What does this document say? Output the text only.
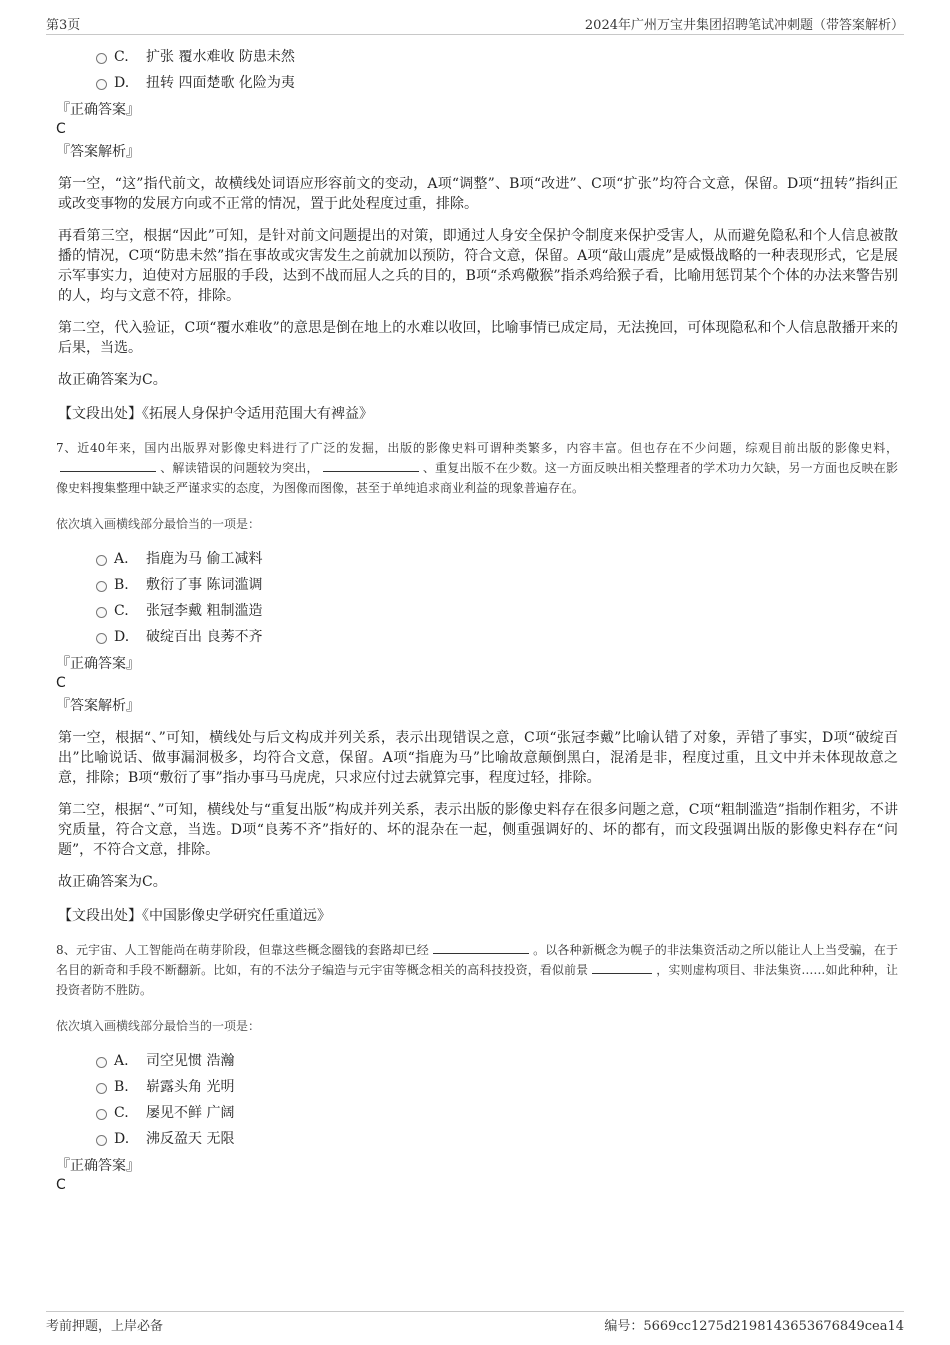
第3页	2024年广州万宝井集团招聘笔试冲刺题（带答案解析）
C. 扩张 覆水难收 防患未然
D. 扭转 四面楚歌 化险为夷
『正确答案』
C
『答案解析』
第一空，“这”指代前文，故横线处词语应形容前文的变动，A项“调整”、B项“改进”、C项“扩张”均符合文意，保留。D项“扭转”指纠正或改变事物的发展方向或不正常的情况，置于此处程度过重，排除。
再看第三空，根据“因此”可知，是针对前文问题提出的对策，即通过人身安全保护令制度来保护受害人，从而避免隐私和个人信息被散播的情况，C项“防患未然”指在事故或灾害发生之前就加以预防，符合文意，保留。A项“敲山震虎”是威慑战略的一种表现形式，它是展示军事实力，迫使对方屈服的手段，达到不战而屈人之兵的目的，B项“杀鸡儆猴”指杀鸡给猴子看，比喻用惩罚某个个体的办法来警告别的人，均与文意不符，排除。
第二空，代入验证，C项“覆水难收”的意思是倒在地上的水难以收回，比喻事情已成定局，无法挽回，可体现隐私和个人信息散播开来的后果，当选。
故正确答案为C。
【文段出处】《拓展人身保护令适用范围大有裨益》
7、近40年来，国内出版界对影像史料进行了广泛的发掘，出版的影像史料可谓种类繁多，内容丰富。但也存在不少问题，综观目前出版的影像史料，、解读错误的问题较为突出，	、重复出版不在少数。这一方面反映出相关整理者的学术功力欠缺，另一方面也反映在影像史料搜集整理中缺乏严谨求实的态度，为图像而图像，甚至于单纯追求商业利益的现象普遍存在。
依次填入画横线部分最恰当的一项是：
A. 指鹿为马 偷工减料
B. 敷衍了事 陈词滥调
C. 张冠李戴 粗制滥造
D. 破绽百出 良莠不齐
『正确答案』
C
『答案解析』
第一空，根据“、”可知，横线处与后文构成并列关系，表示出现错误之意，C项“张冠李戴”比喻认错了对象，弄错了事实，D项“破绽百出”比喻说话、做事漏洞极多，均符合文意，保留。A项“指鹿为马”比喻故意颠倒黑白，混淆是非，程度过重，且文中并未体现故意之意，排除；B项“敷衍了事”指办事马马虎虎，只求应付过去就算完事，程度过轻，排除。
第二空，根据“、”可知，横线处与“重复出版”构成并列关系，表示出版的影像史料存在很多问题之意，C项“粗制滥造”指制作粗劣，不讲究质量，符合文意，当选。D项“良莠不齐”指好的、坏的混杂在一起，侧重强调好的、坏的都有，而文段强调出版的影像史料存在“问题”，不符合文意，排除。
故正确答案为C。
【文段出处】《中国影像史学研究任重道远》
8、元宇宙、人工智能尚在萌芽阶段，但靠这些概念圈钱的套路却已经	。以各种新概念为幌子的非法集资活动之所以能让人上当受骗，在于名目的新奇和手段不断翻新。比如，有的不法分子编造与元宇宙等概念相关的高科技投资，看似前景	，实则虚构项目、非法集资……如此种种，让投资者防不胜防。
依次填入画横线部分最恰当的一项是：
A. 司空见惯 浩瀚
B. 崭露头角 光明
C. 屡见不鲜 广阔
D. 沸反盈天 无限
『正确答案』
C
考前押题，上岸必备	编号：5669cc1275d2198143653676849cea14
